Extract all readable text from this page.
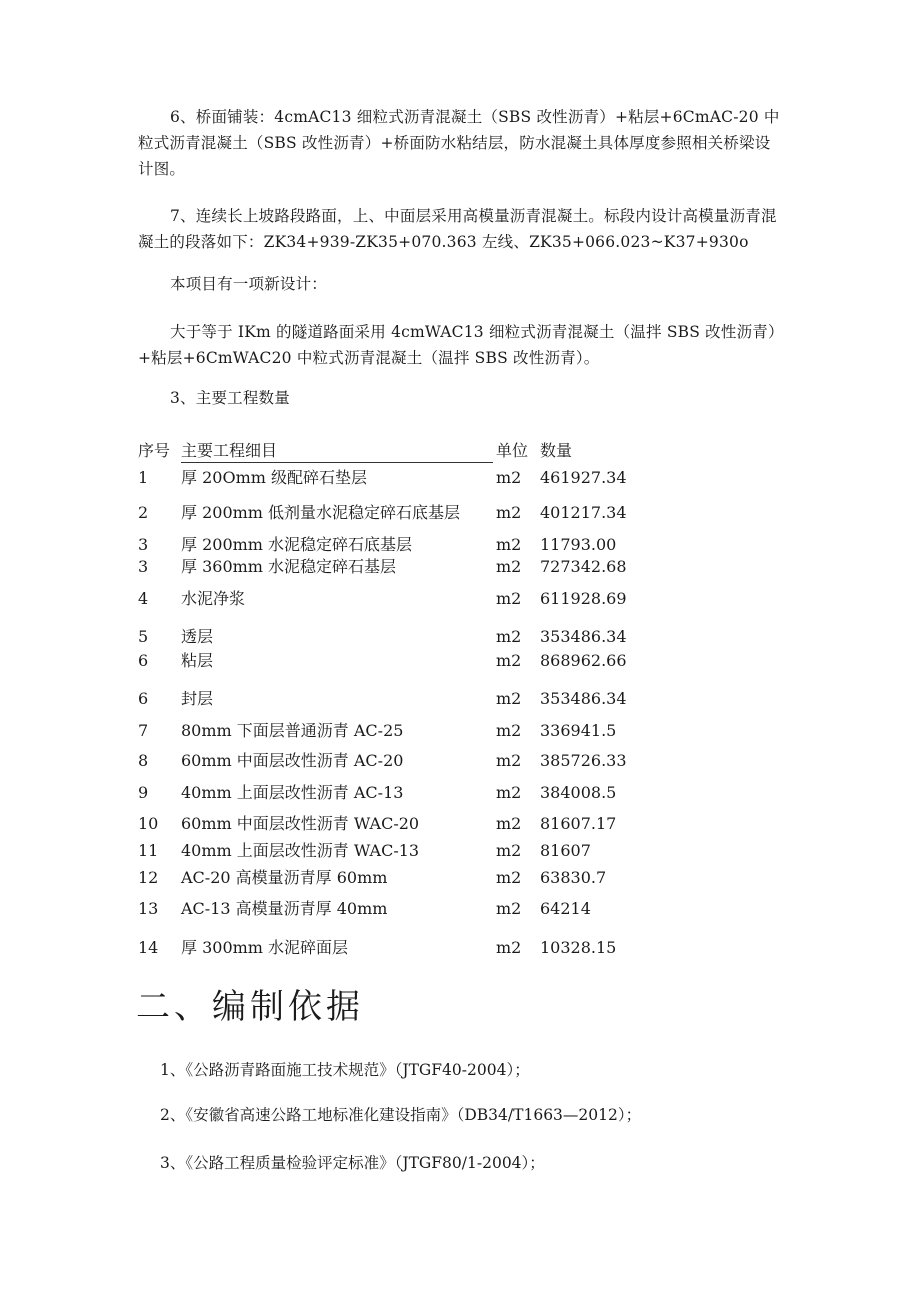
6、桥面铺装：4cmAC13 细粒式沥青混凝土（SBS 改性沥青）+粘层+6CmAC-20 中粒式沥青混凝土（SBS 改性沥青）+桥面防水粘结层，防水混凝土具体厚度参照相关桥梁设计图。

7、连续长上坡路段路面，上、中面层采用高模量沥青混凝土。标段内设计高模量沥青混凝土的段落如下：ZK34+939-ZK35+070.363 左线、ZK35+066.023~K37+930o

本项目有一项新设计：

大于等于 IKm 的隧道路面采用 4cmWAC13 细粒式沥青混凝土（温拌 SBS 改性沥青）+粘层+6CmWAC20 中粒式沥青混凝土（温拌 SBS 改性沥青）。

3、主要工程数量

序号 主要工程细目	单位 数量
1 厚 20Omm 级配碎石垫层	m2 461927.34
2 厚 200mm 低剂量水泥稳定碎石底基层 m2 401217.34
3 厚 200mm 水泥稳定碎石底基层	m2 11793.00
3 厚 360mm 水泥稳定碎石基层	m2 727342.68
4 水泥净浆	m2 611928.69
5 透层	m2 353486.34
6 粘层	m2 868962.66
6 封层	m2 353486.34
7 80mm 下面层普通沥青 AC-25	m2 336941.5
8 60mm 中面层改性沥青 AC-20	m2 385726.33
9 40mm 上面层改性沥青 AC-13	m2 384008.5
10 60mm 中面层改性沥青 WAC-20	m2 81607.17
11 40mm 上面层改性沥青 WAC-13	m2 81607
12 AC-20 高模量沥青厚 60mm	m2 63830.7
13 AC-13 高模量沥青厚 40mm	m2 64214
14 厚 300mm 水泥碎面层	m2 10328.15
二、编制依据
1、《公路沥青路面施工技术规范》（JTGF40-2004）；
2、《安徽省高速公路工地标准化建设指南》（DB34/T1663—2012）；
3、《公路工程质量检验评定标准》（JTGF80/1-2004）；
